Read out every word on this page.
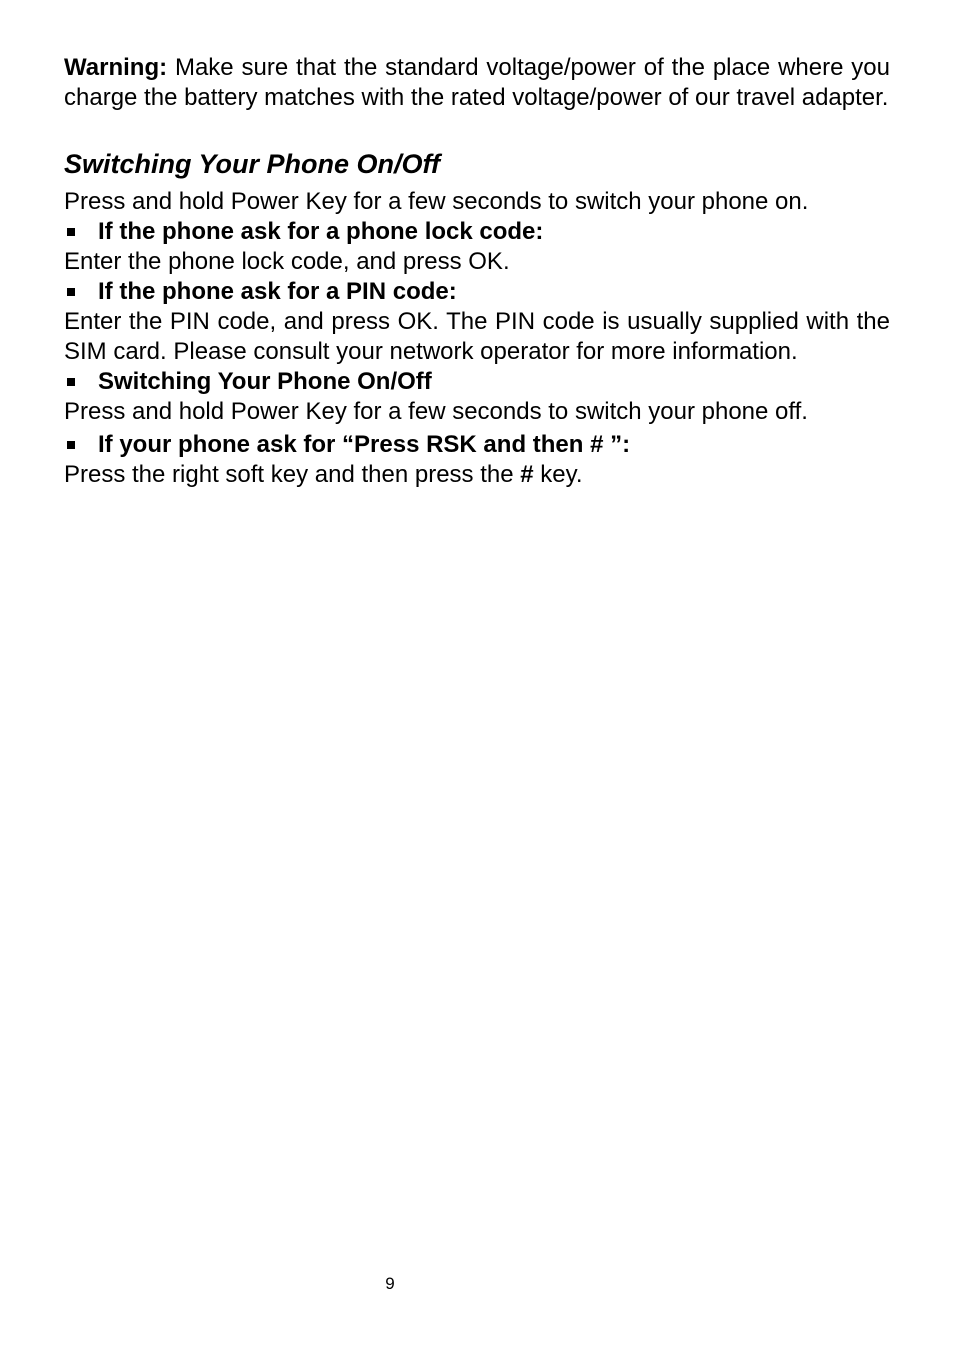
Warning: Make sure that the standard voltage/power of the place where you charge the battery matches with the rated voltage/power of our travel adapter.

Switching Your Phone On/Off

Press and hold Power Key for a few seconds to switch your phone on.

If the phone ask for a phone lock code:

Enter the phone lock code, and press OK.

If the phone ask for a PIN code:

Enter the PIN code, and press OK. The PIN code is usually supplied with the SIM card. Please consult your network operator for more information.

Switching Your Phone On/Off

Press and hold Power Key for a few seconds to switch your phone off.

If your phone ask for “Press RSK and then # ”:

Press the right soft key and then press the # key.

9
